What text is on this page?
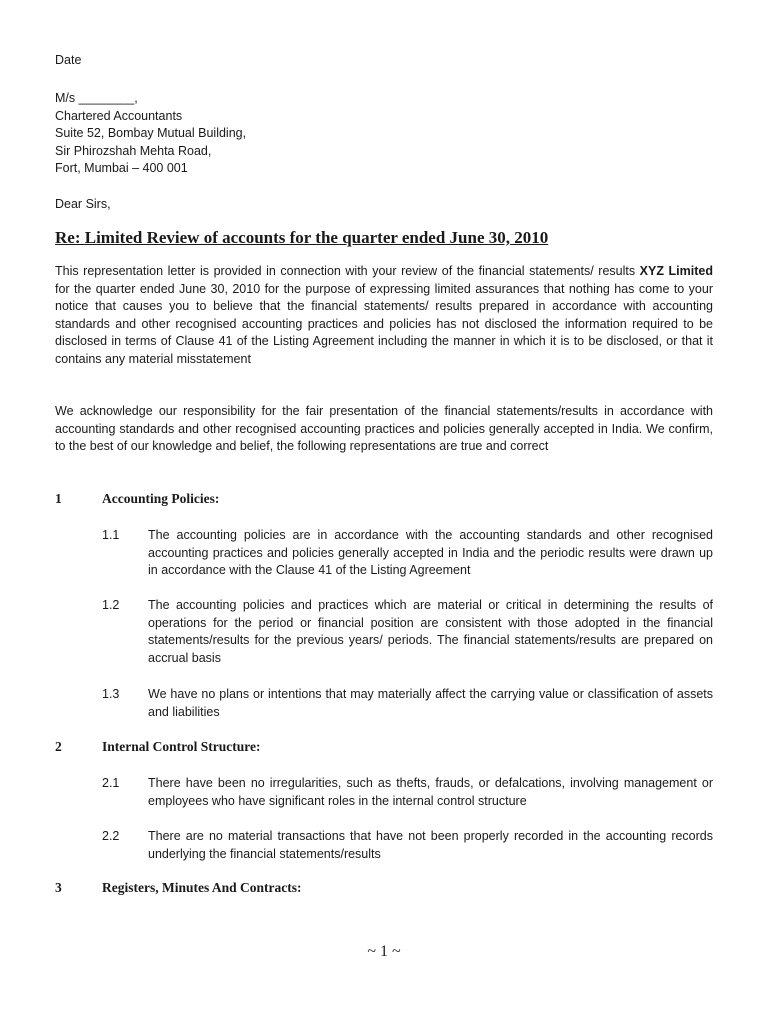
Date
M/s ________,
Chartered Accountants
Suite 52, Bombay Mutual Building,
Sir Phirozshah Mehta Road,
Fort, Mumbai – 400 001
Dear Sirs,
Re: Limited Review of accounts for the quarter ended June 30, 2010
This representation letter is provided in connection with your review of the financial statements/ results XYZ Limited for the quarter ended June 30, 2010 for the purpose of expressing limited assurances that nothing has come to your notice that causes you to believe that the financial statements/ results prepared in accordance with accounting standards and other recognised accounting practices and policies has not disclosed the information required to be disclosed in terms of Clause 41 of the Listing Agreement including the manner in which it is to be disclosed, or that it contains any material misstatement
We acknowledge our responsibility for the fair presentation of the financial statements/results in accordance with accounting standards and other recognised accounting practices and policies generally accepted in India. We confirm, to the best of our knowledge and belief, the following representations are true and correct
1	Accounting Policies:
1.1 The accounting policies are in accordance with the accounting standards and other recognised accounting practices and policies generally accepted in India and the periodic results were drawn up in accordance with the Clause 41 of the Listing Agreement
1.2 The accounting policies and practices which are material or critical in determining the results of operations for the period or financial position are consistent with those adopted in the financial statements/results for the previous years/ periods. The financial statements/results are prepared on accrual basis
1.3 We have no plans or intentions that may materially affect the carrying value or classification of assets and liabilities
2	Internal Control Structure:
2.1 There have been no irregularities, such as thefts, frauds, or defalcations, involving management or employees who have significant roles in the internal control structure
2.2 There are no material transactions that have not been properly recorded in the accounting records underlying the financial statements/results
3	Registers, Minutes And Contracts:
~ 1 ~
